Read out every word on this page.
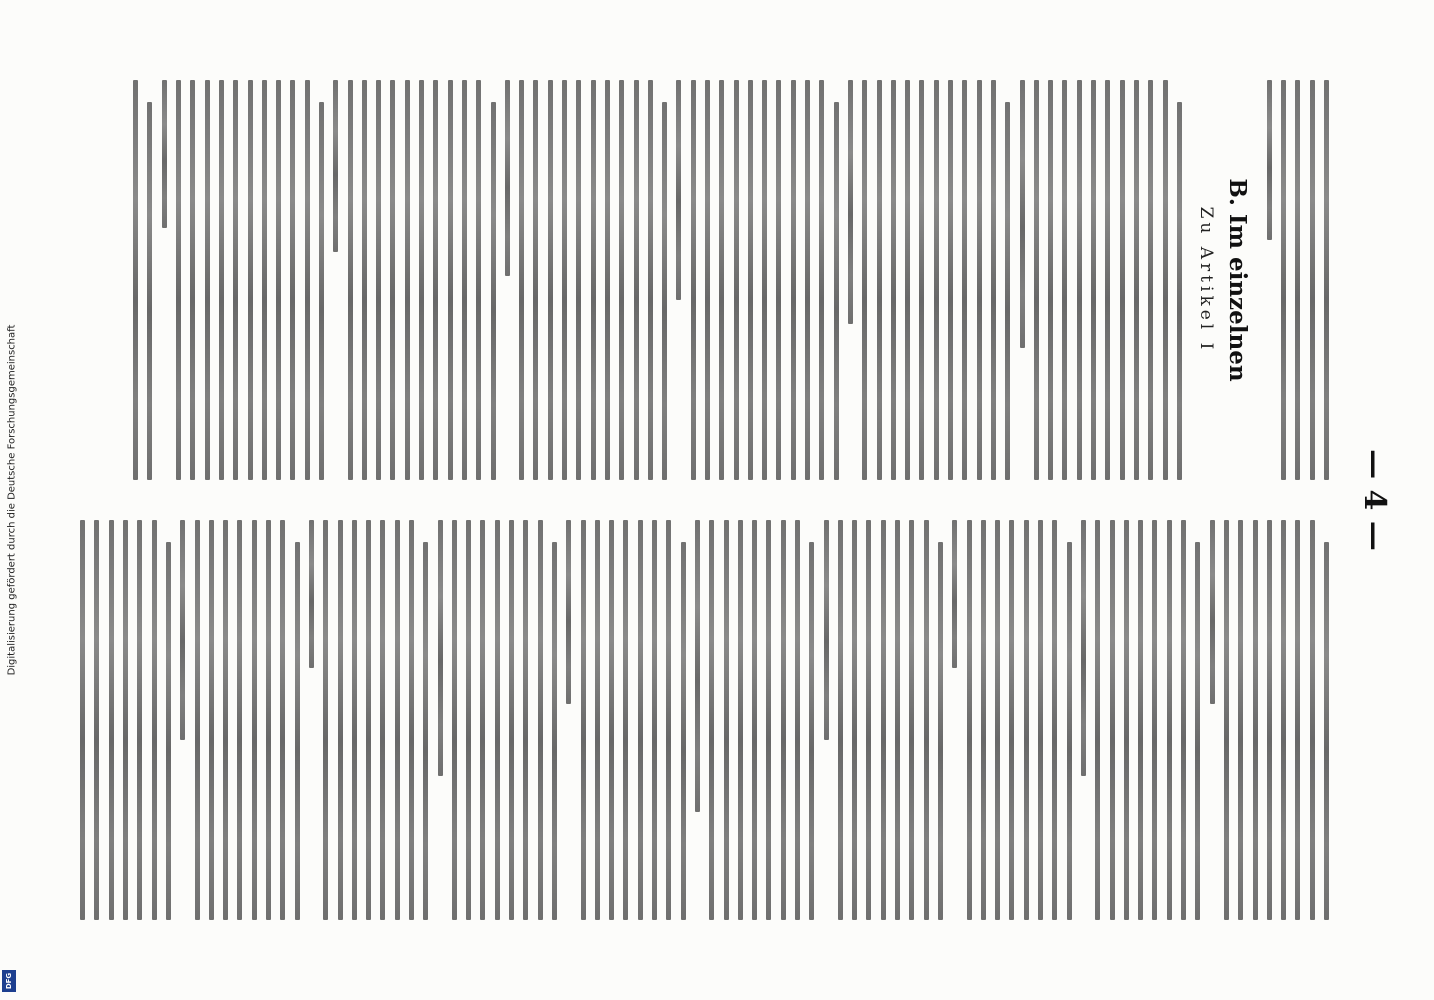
— 4 —
B. Im einzelnen
Zu Artikel I
Digitalisierung gefördert durch die Deutsche Forschungsgemeinschaft
DFG
